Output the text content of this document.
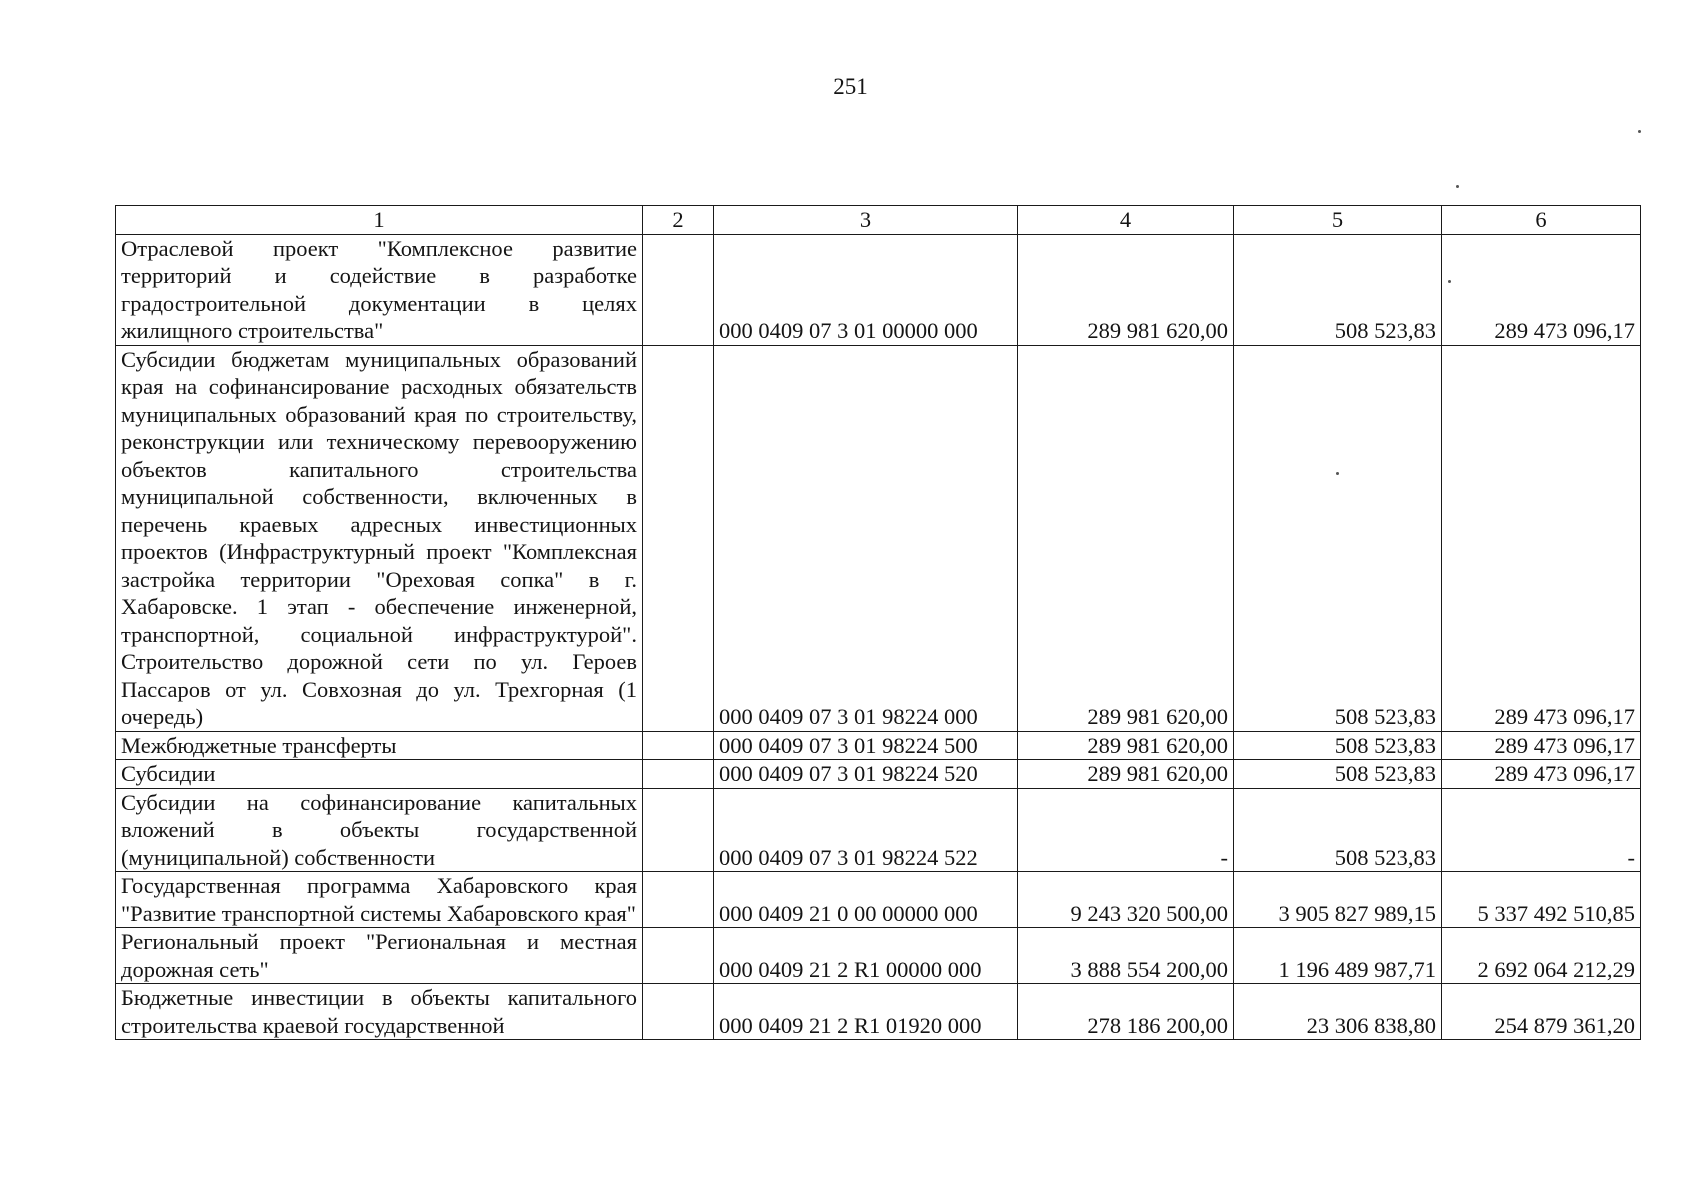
251
1	2	3	4	5	6
Отраслевой проект "Комплексное развитие территорий и содействие в разработке градостроительной документации в целях жилищного строительства"		000 0409 07 3 01 00000 000	289 981 620,00	508 523,83	289 473 096,17
Субсидии бюджетам муниципальных образований края на софинансирование расходных обязательств муниципальных образований края по строительству, реконструкции или техническому перевооружению объектов капитального строительства муниципальной собственности, включенных в перечень краевых адресных инвестиционных проектов (Инфраструктурный проект "Комплексная застройка территории "Ореховая сопка" в г. Хабаровске. 1 этап - обеспечение инженерной, транспортной, социальной инфраструктурой". Строительство дорожной сети по ул. Героев Пассаров от ул. Совхозная до ул. Трехгорная (1 очередь)		000 0409 07 3 01 98224 000	289 981 620,00	508 523,83	289 473 096,17
Межбюджетные трансферты		000 0409 07 3 01 98224 500	289 981 620,00	508 523,83	289 473 096,17
Субсидии		000 0409 07 3 01 98224 520	289 981 620,00	508 523,83	289 473 096,17
Субсидии на софинансирование капитальных вложений в объекты государственной (муниципальной) собственности		000 0409 07 3 01 98224 522	-	508 523,83	-
Государственная программа Хабаровского края "Развитие транспортной системы Хабаровского края"		000 0409 21 0 00 00000 000	9 243 320 500,00	3 905 827 989,15	5 337 492 510,85
Региональный проект "Региональная и местная дорожная сеть"		000 0409 21 2 R1 00000 000	3 888 554 200,00	1 196 489 987,71	2 692 064 212,29
Бюджетные инвестиции в объекты капитального строительства краевой государственной		000 0409 21 2 R1 01920 000	278 186 200,00	23 306 838,80	254 879 361,20
